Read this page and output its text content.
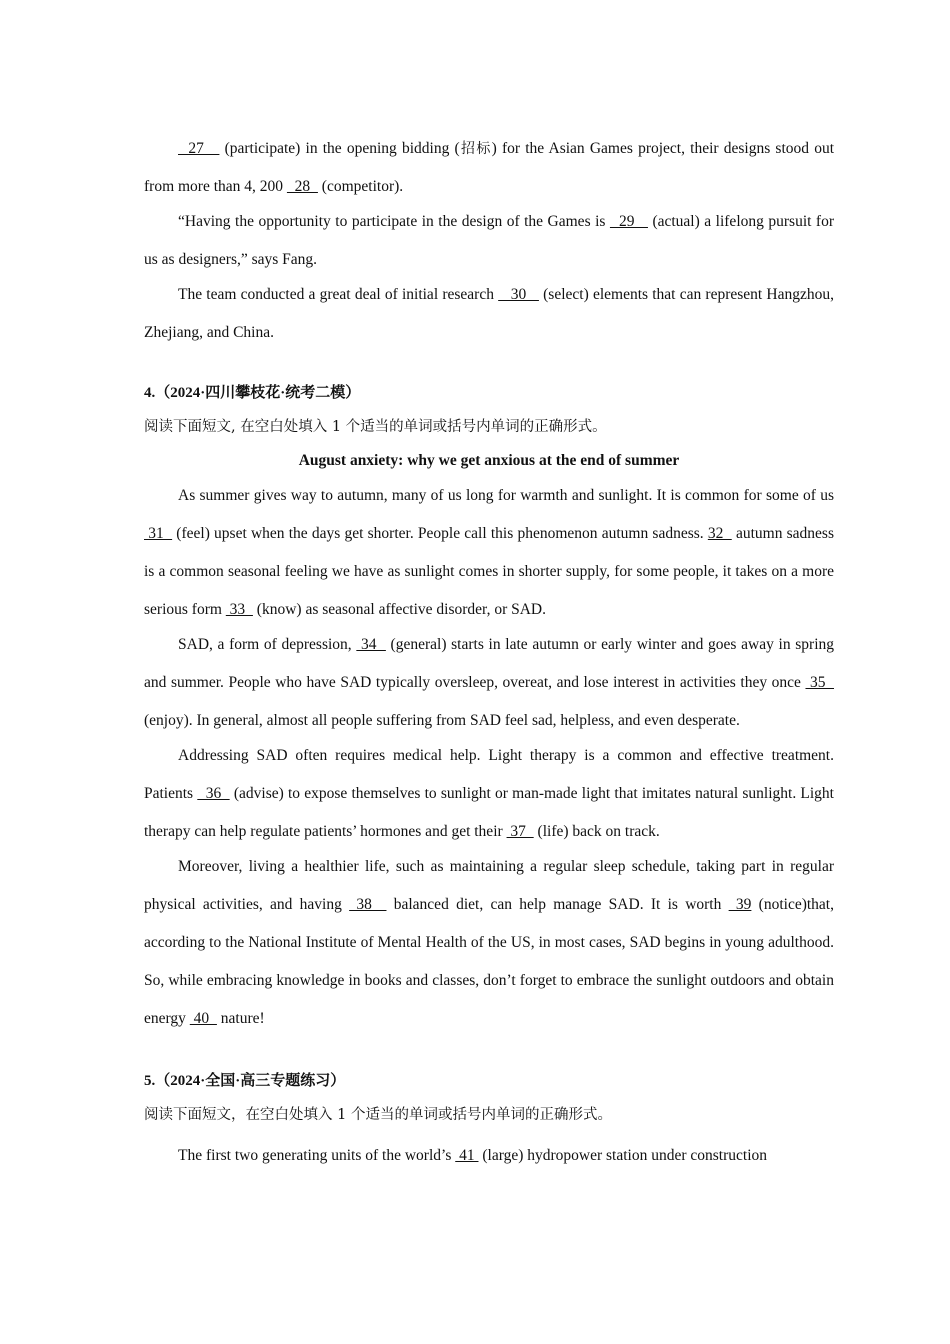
27    (participate) in the opening bidding (招标) for the Asian Games project, their designs stood out from more than 4, 200   28   (competitor).

“Having the opportunity to participate in the design of the Games is   29    (actual) a lifelong pursuit for us as designers,” says Fang.

The team conducted a great deal of initial research    30    (select) elements that can represent Hangzhou, Zhejiang, and China.

4.（2024·四川攀枝花·统考二模）

阅读下面短文, 在空白处填入 1 个适当的单词或括号内单词的正确形式。

August anxiety: why we get anxious at the end of summer

As summer gives way to autumn, many of us long for warmth and sunlight. It is common for some of us  31   (feel) upset when the days get shorter. People call this phenomenon autumn sadness. 32   autumn sadness is a common seasonal feeling we have as sunlight comes in shorter supply, for some people, it takes on a more serious form  33   (know) as seasonal affective disorder, or SAD.

SAD, a form of depression,  34   (general) starts in late autumn or early winter and goes away in spring and summer. People who have SAD typically oversleep, overeat, and lose interest in activities they once  35   (enjoy). In general, almost all people suffering from SAD feel sad, helpless, and even desperate.

Addressing SAD often requires medical help. Light therapy is a common and effective treatment. Patients   36   (advise) to expose themselves to sunlight or man-made light that imitates natural sunlight. Light therapy can help regulate patients’ hormones and get their  37   (life) back on track.

Moreover, living a healthier life, such as maintaining a regular sleep schedule, taking part in regular physical activities, and having  38   balanced diet, can help manage SAD. It is worth  39 (notice)that, according to the National Institute of Mental Health of the US, in most cases, SAD begins in young adulthood. So, while embracing knowledge in books and classes, don’t forget to embrace the sunlight outdoors and obtain energy  40   nature!

5.（2024·全国·高三专题练习）

阅读下面短文，在空白处填入 1 个适当的单词或括号内单词的正确形式。

The first two generating units of the world’s  41  (large) hydropower station under construction
